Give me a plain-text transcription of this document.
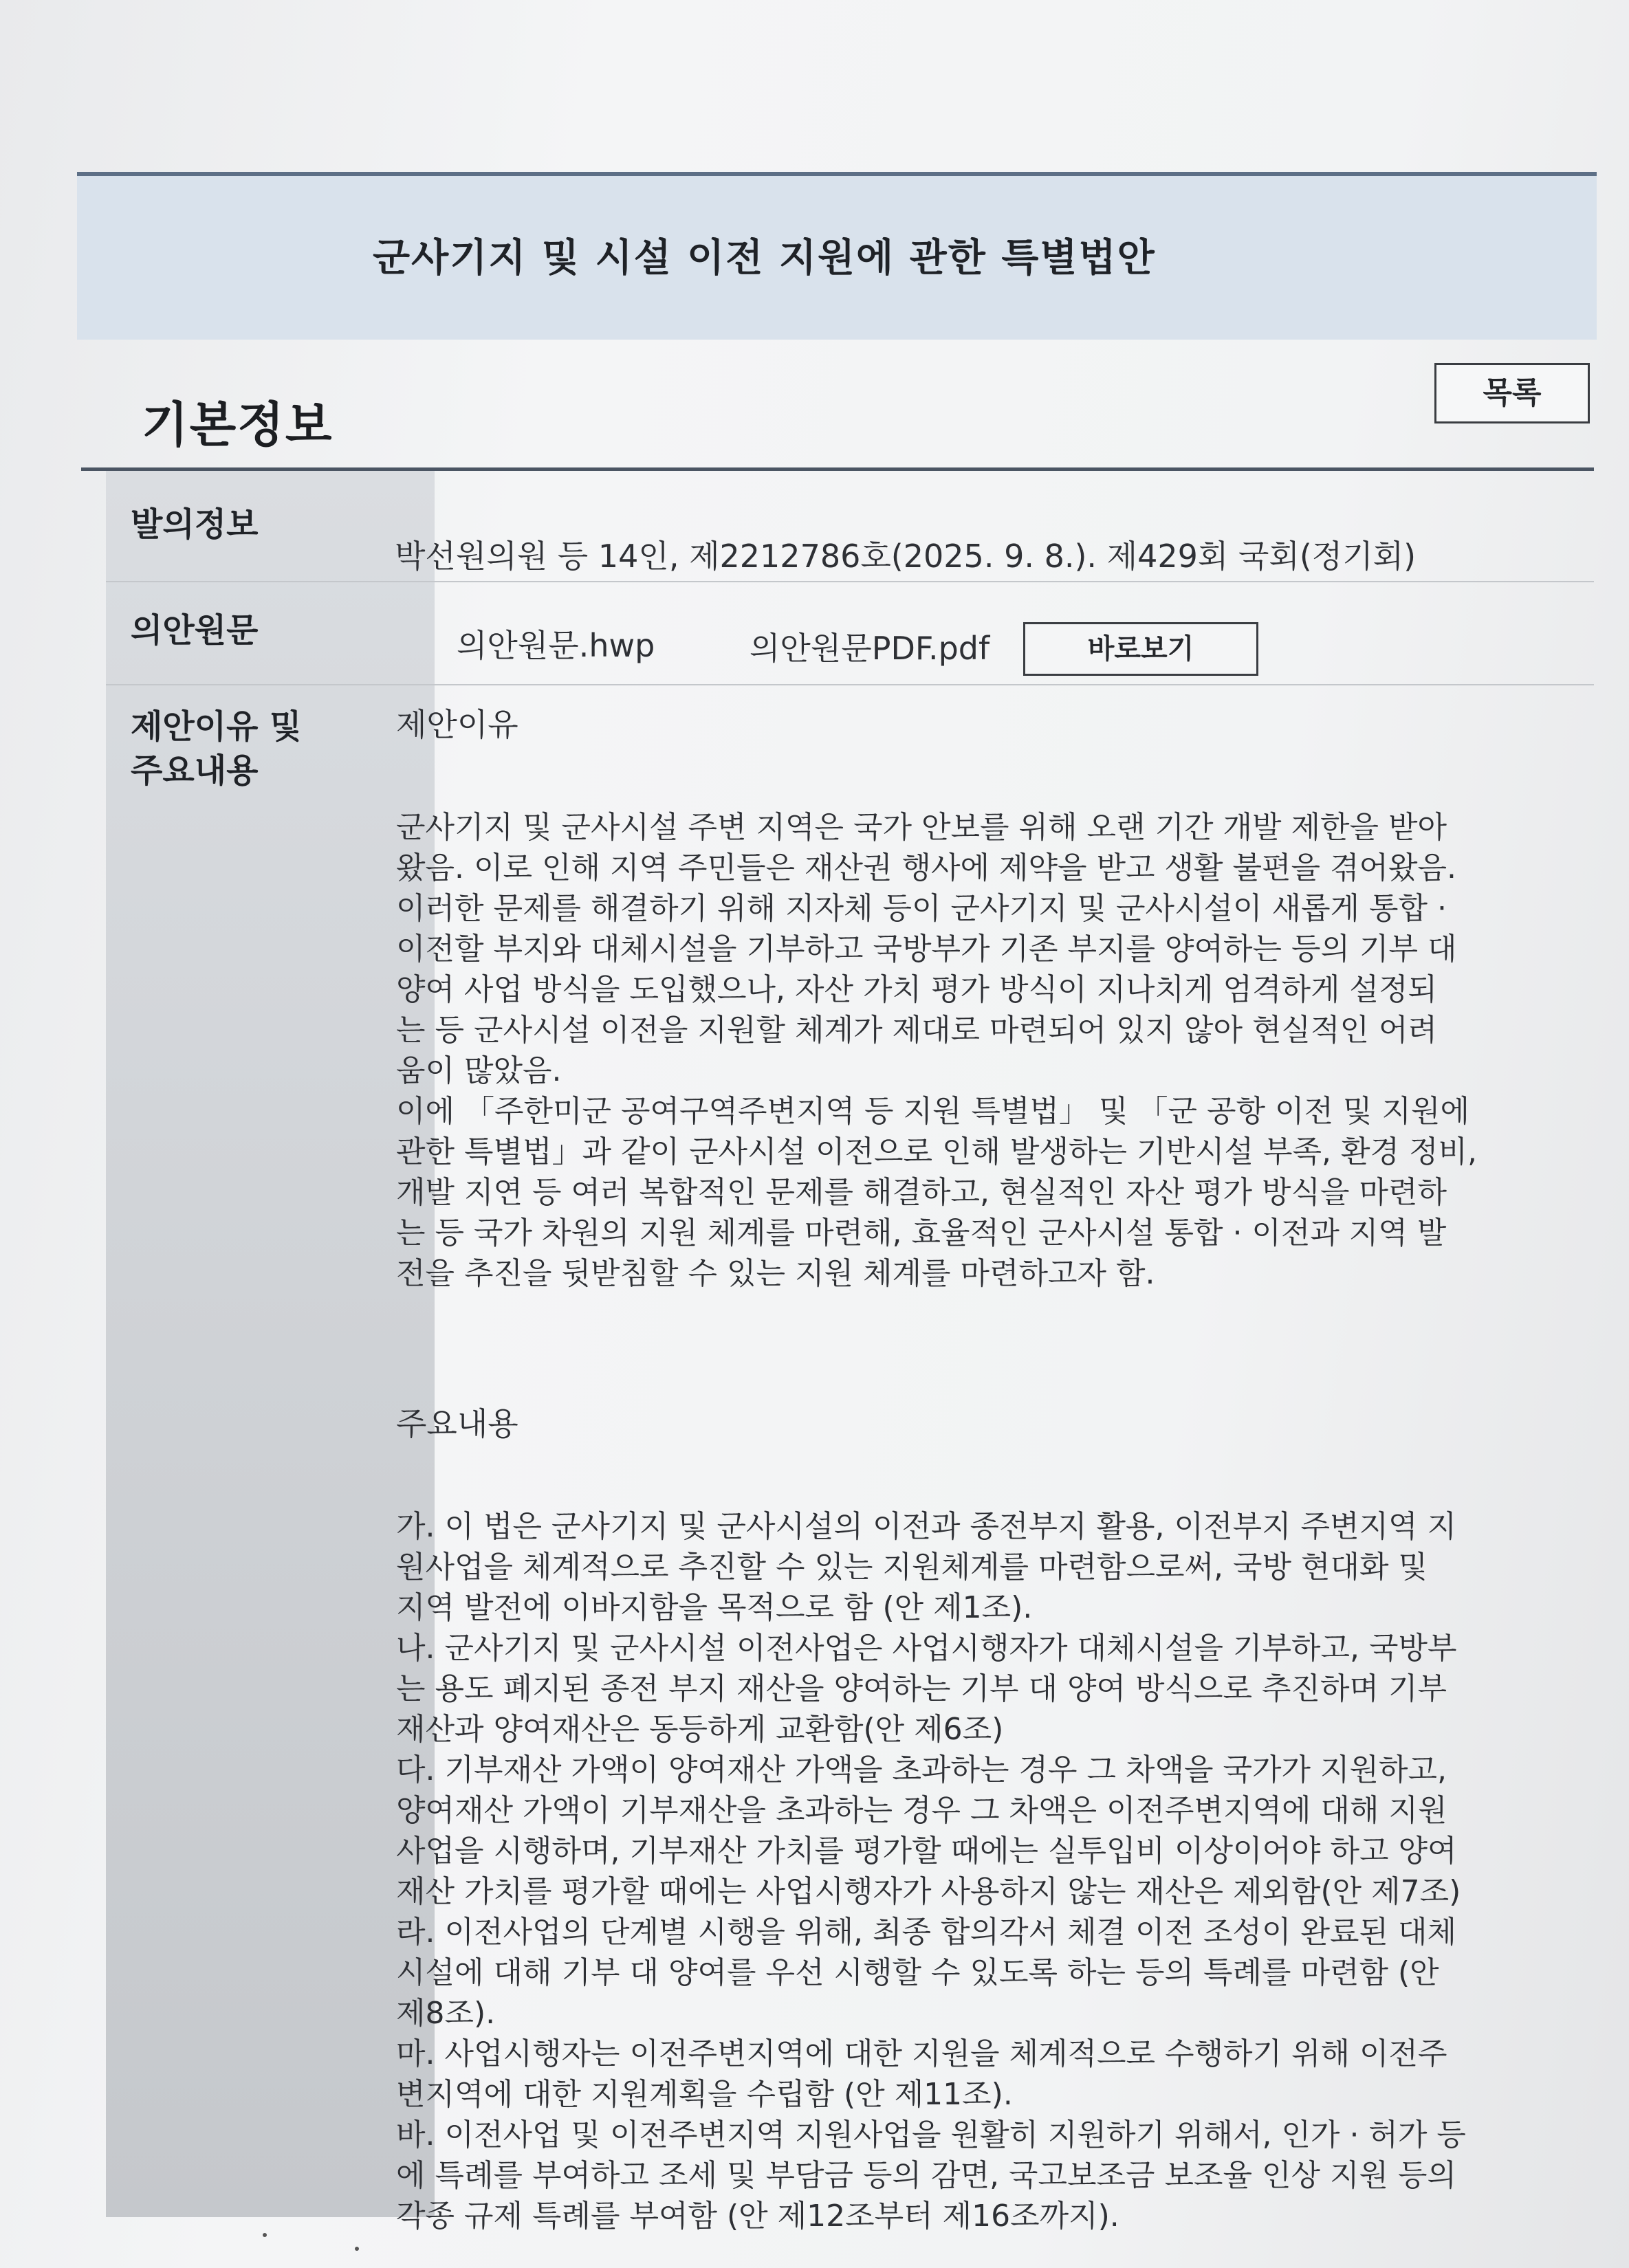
군사기지 및 시설 이전 지원에 관한 특별법안
기본정보
목록
발의정보
박선원의원 등 14인, 제2212786호(2025. 9. 8.). 제429회 국회(정기회)
의안원문	의안원문.hwp	의안원문PDF.pdf	바로보기
제안이유 및
주요내용

제안이유

군사기지 및 군사시설 주변 지역은 국가 안보를 위해 오랜 기간 개발 제한을 받아
왔음. 이로 인해 지역 주민들은 재산권 행사에 제약을 받고 생활 불편을 겪어왔음.
이러한 문제를 해결하기 위해 지자체 등이 군사기지 및 군사시설이 새롭게 통합 ·
이전할 부지와 대체시설을 기부하고 국방부가 기존 부지를 양여하는 등의 기부 대
양여 사업 방식을 도입했으나, 자산 가치 평가 방식이 지나치게 엄격하게 설정되
는 등 군사시설 이전을 지원할 체계가 제대로 마련되어 있지 않아 현실적인 어려
움이 많았음.
이에 「주한미군 공여구역주변지역 등 지원 특별법」 및 「군 공항 이전 및 지원에
관한 특별법」과 같이 군사시설 이전으로 인해 발생하는 기반시설 부족, 환경 정비,
개발 지연 등 여러 복합적인 문제를 해결하고, 현실적인 자산 평가 방식을 마련하
는 등 국가 차원의 지원 체계를 마련해, 효율적인 군사시설 통합 · 이전과 지역 발
전을 추진을 뒷받침할 수 있는 지원 체계를 마련하고자 함.

주요내용

가. 이 법은 군사기지 및 군사시설의 이전과 종전부지 활용, 이전부지 주변지역 지
원사업을 체계적으로 추진할 수 있는 지원체계를 마련함으로써, 국방 현대화 및
지역 발전에 이바지함을 목적으로 함 (안 제1조).
나. 군사기지 및 군사시설 이전사업은 사업시행자가 대체시설을 기부하고, 국방부
는 용도 폐지된 종전 부지 재산을 양여하는 기부 대 양여 방식으로 추진하며 기부
재산과 양여재산은 동등하게 교환함(안 제6조)
다. 기부재산 가액이 양여재산 가액을 초과하는 경우 그 차액을 국가가 지원하고,
양여재산 가액이 기부재산을 초과하는 경우 그 차액은 이전주변지역에 대해 지원
사업을 시행하며, 기부재산 가치를 평가할 때에는 실투입비 이상이어야 하고 양여
재산 가치를 평가할 때에는 사업시행자가 사용하지 않는 재산은 제외함(안 제7조)
라. 이전사업의 단계별 시행을 위해, 최종 합의각서 체결 이전 조성이 완료된 대체
시설에 대해 기부 대 양여를 우선 시행할 수 있도록 하는 등의 특례를 마련함 (안
제8조).
마. 사업시행자는 이전주변지역에 대한 지원을 체계적으로 수행하기 위해 이전주
변지역에 대한 지원계획을 수립함 (안 제11조).
바. 이전사업 및 이전주변지역 지원사업을 원활히 지원하기 위해서, 인가 · 허가 등
에 특례를 부여하고 조세 및 부담금 등의 감면, 국고보조금 보조율 인상 지원 등의
각종 규제 특례를 부여함 (안 제12조부터 제16조까지).
